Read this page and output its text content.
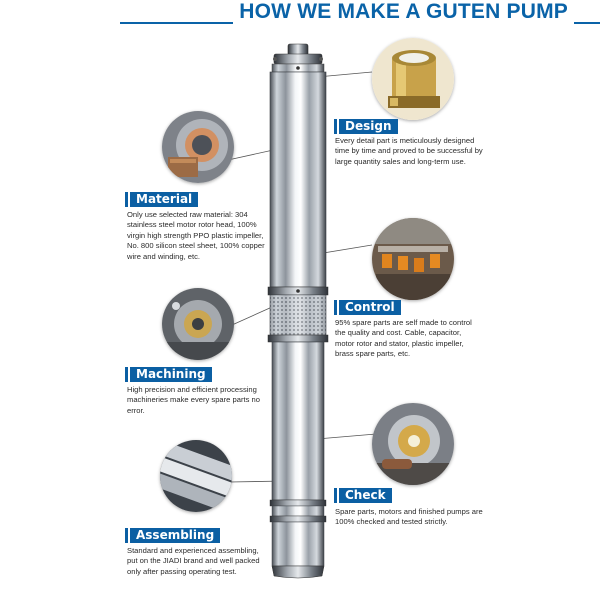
HOW WE MAKE A GUTEN PUMP
Design
Every detail part is meticulously designed time by time and proved to be successful by large quantity sales and long-term use.
Material
Only use selected raw material: 304 stainless steel motor rotor head, 100% virgin high strength PPO plastic impeller, No. 800 silicon steel sheet, 100% copper wire and winding, etc.
Control
95% spare parts are self made to control the quality and cost. Cable, capacitor, motor rotor and stator, plastic impeller, brass spare parts, etc.
Machining
High precision and efficient processing machineries make every spare parts no error.
Check
Spare parts, motors and finished pumps are 100% checked and tested strictly.
Assembling
Standard and experienced assembling, put on the JIADI brand and well packed only after passing operating test.
